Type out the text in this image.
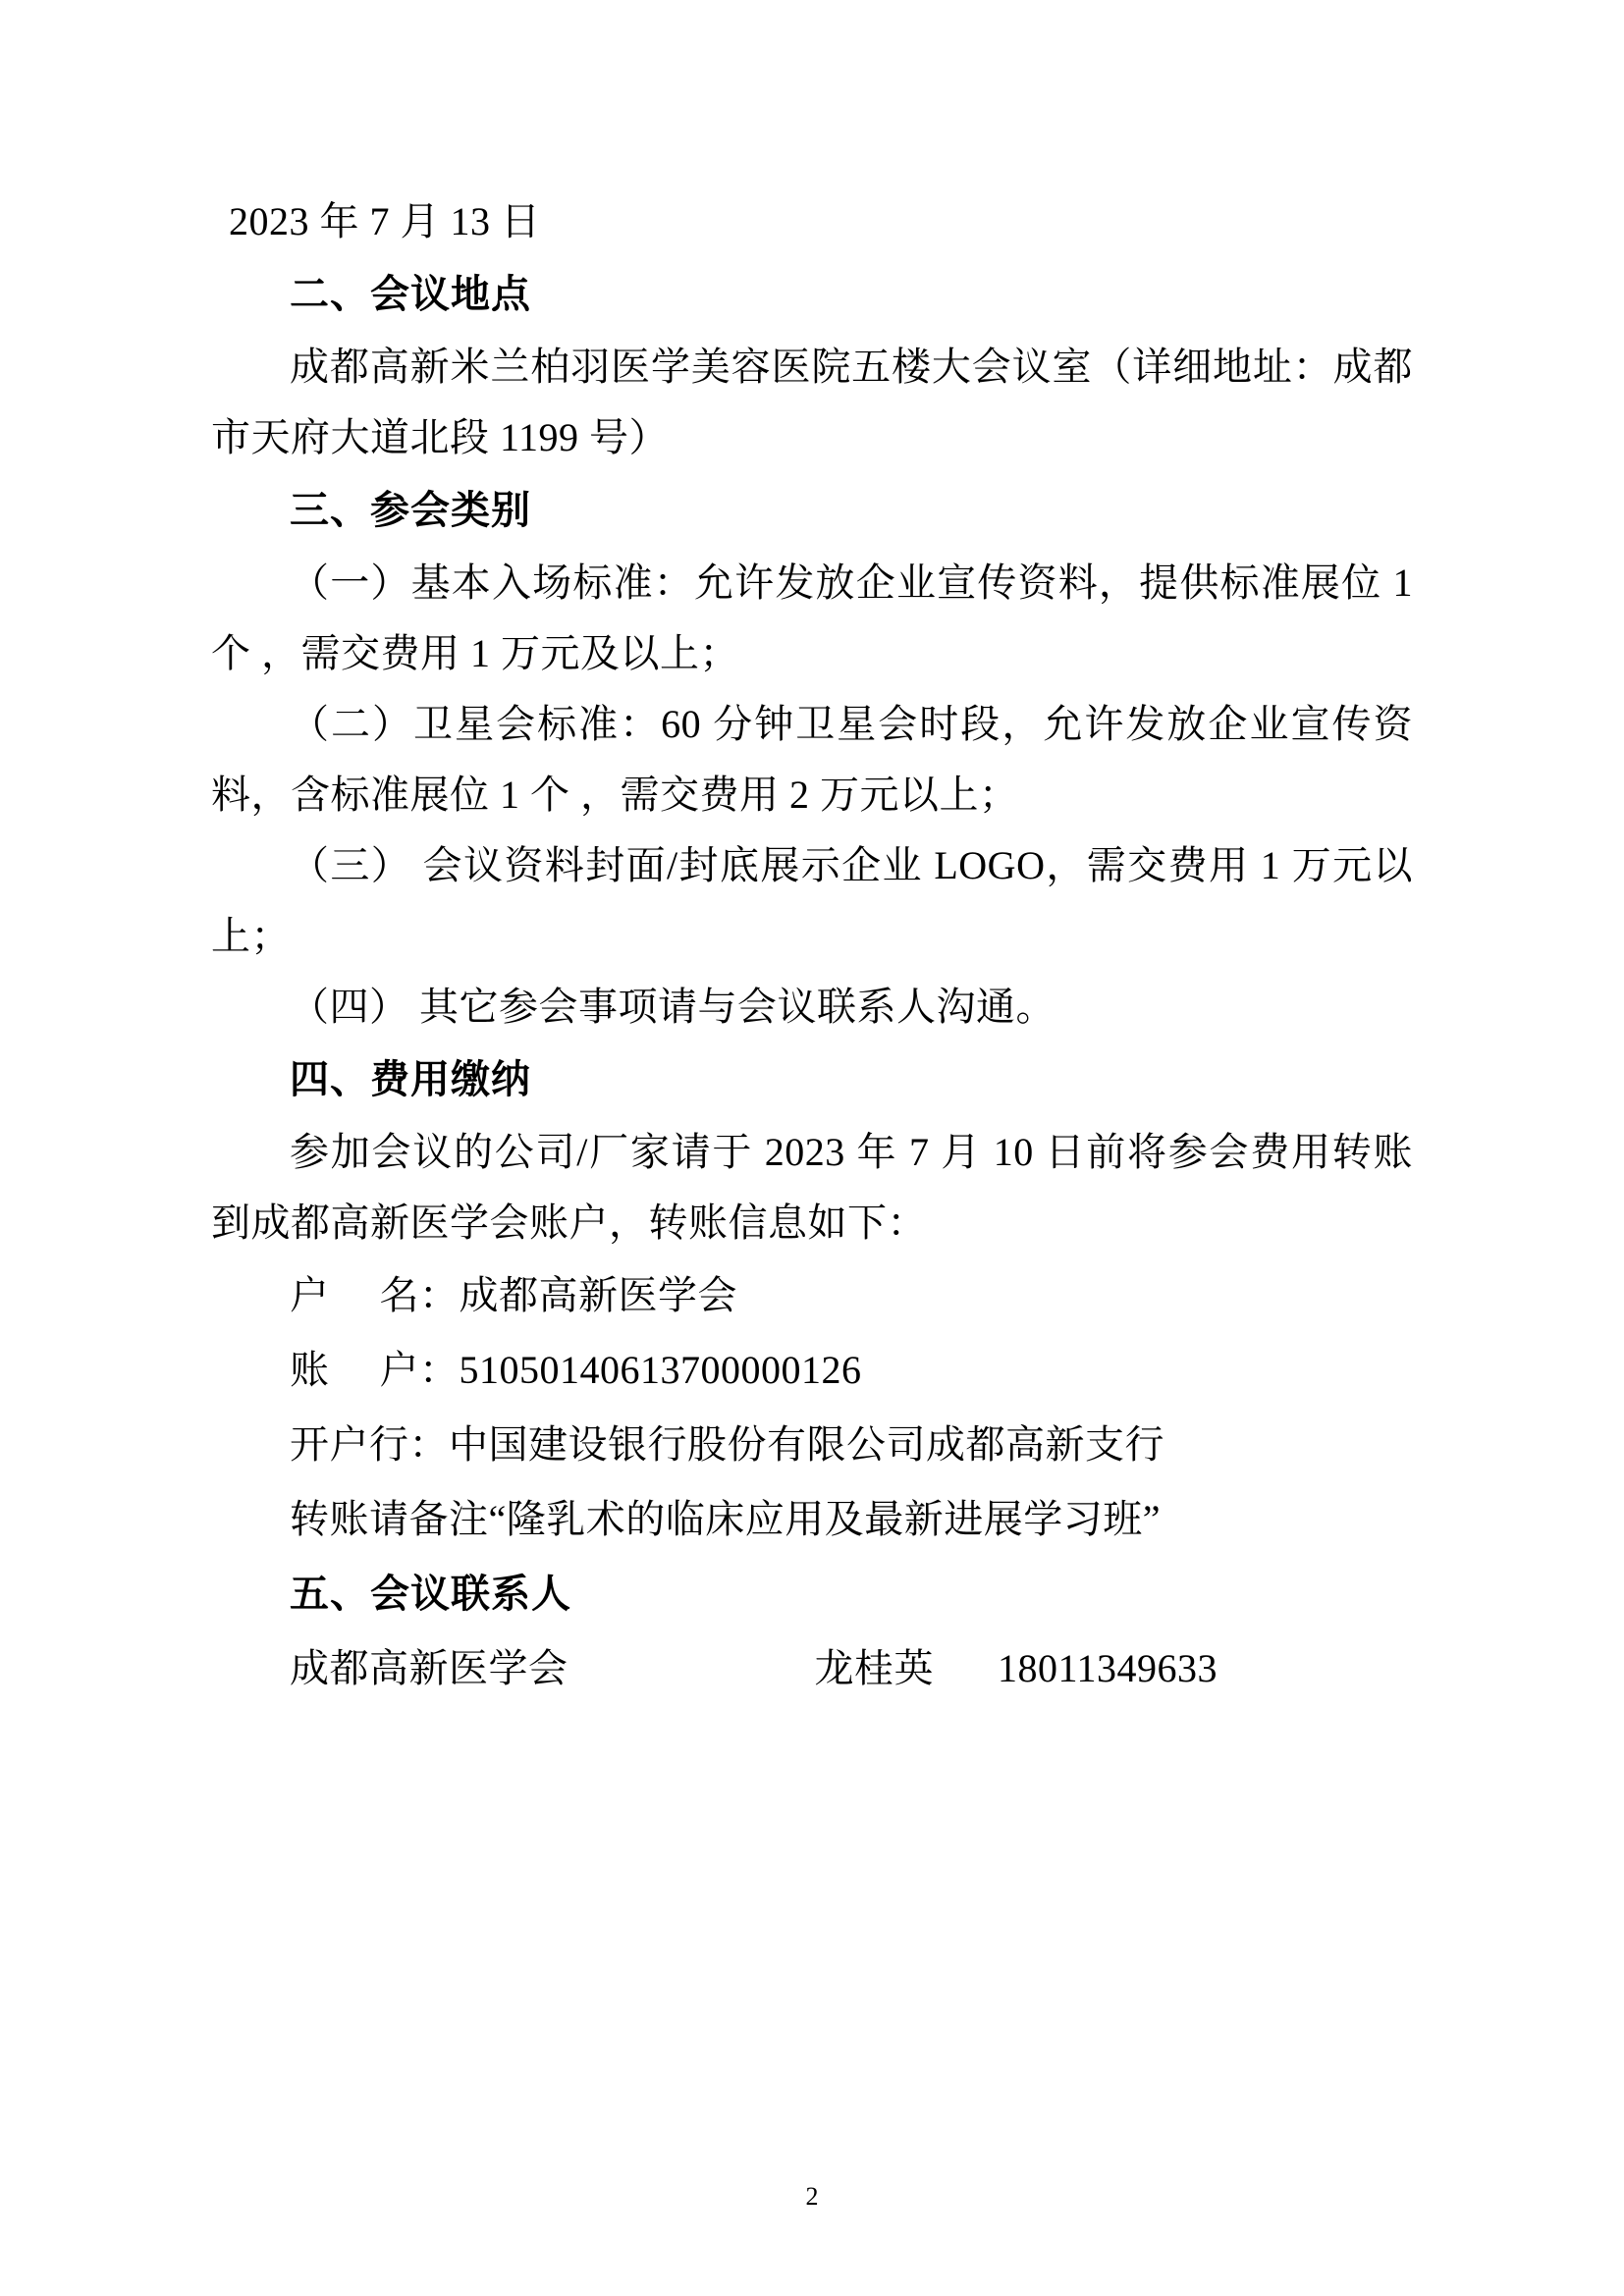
2023 年 7 月 13 日

二、会议地点

成都高新米兰柏羽医学美容医院五楼大会议室（详细地址：成都市天府大道北段 1199 号）

三、参会类别

（一）基本入场标准：允许发放企业宣传资料，提供标准展位 1 个 ，需交费用 1 万元及以上；

（二）卫星会标准：60 分钟卫星会时段，允许发放企业宣传资料，含标准展位 1 个 ，需交费用 2 万元以上；

（三） 会议资料封面/封底展示企业 LOGO，需交费用 1 万元以上；

（四） 其它参会事项请与会议联系人沟通。

四、费用缴纳

参加会议的公司/厂家请于 2023 年 7 月 10 日前将参会费用转账到成都高新医学会账户，转账信息如下：

户　 名：成都高新医学会

账　 户：51050140613700000126

开户行：中国建设银行股份有限公司成都高新支行

转账请备注“隆乳术的临床应用及最新进展学习班”

五、会议联系人

成都高新医学会	龙桂英 18011349633

2
